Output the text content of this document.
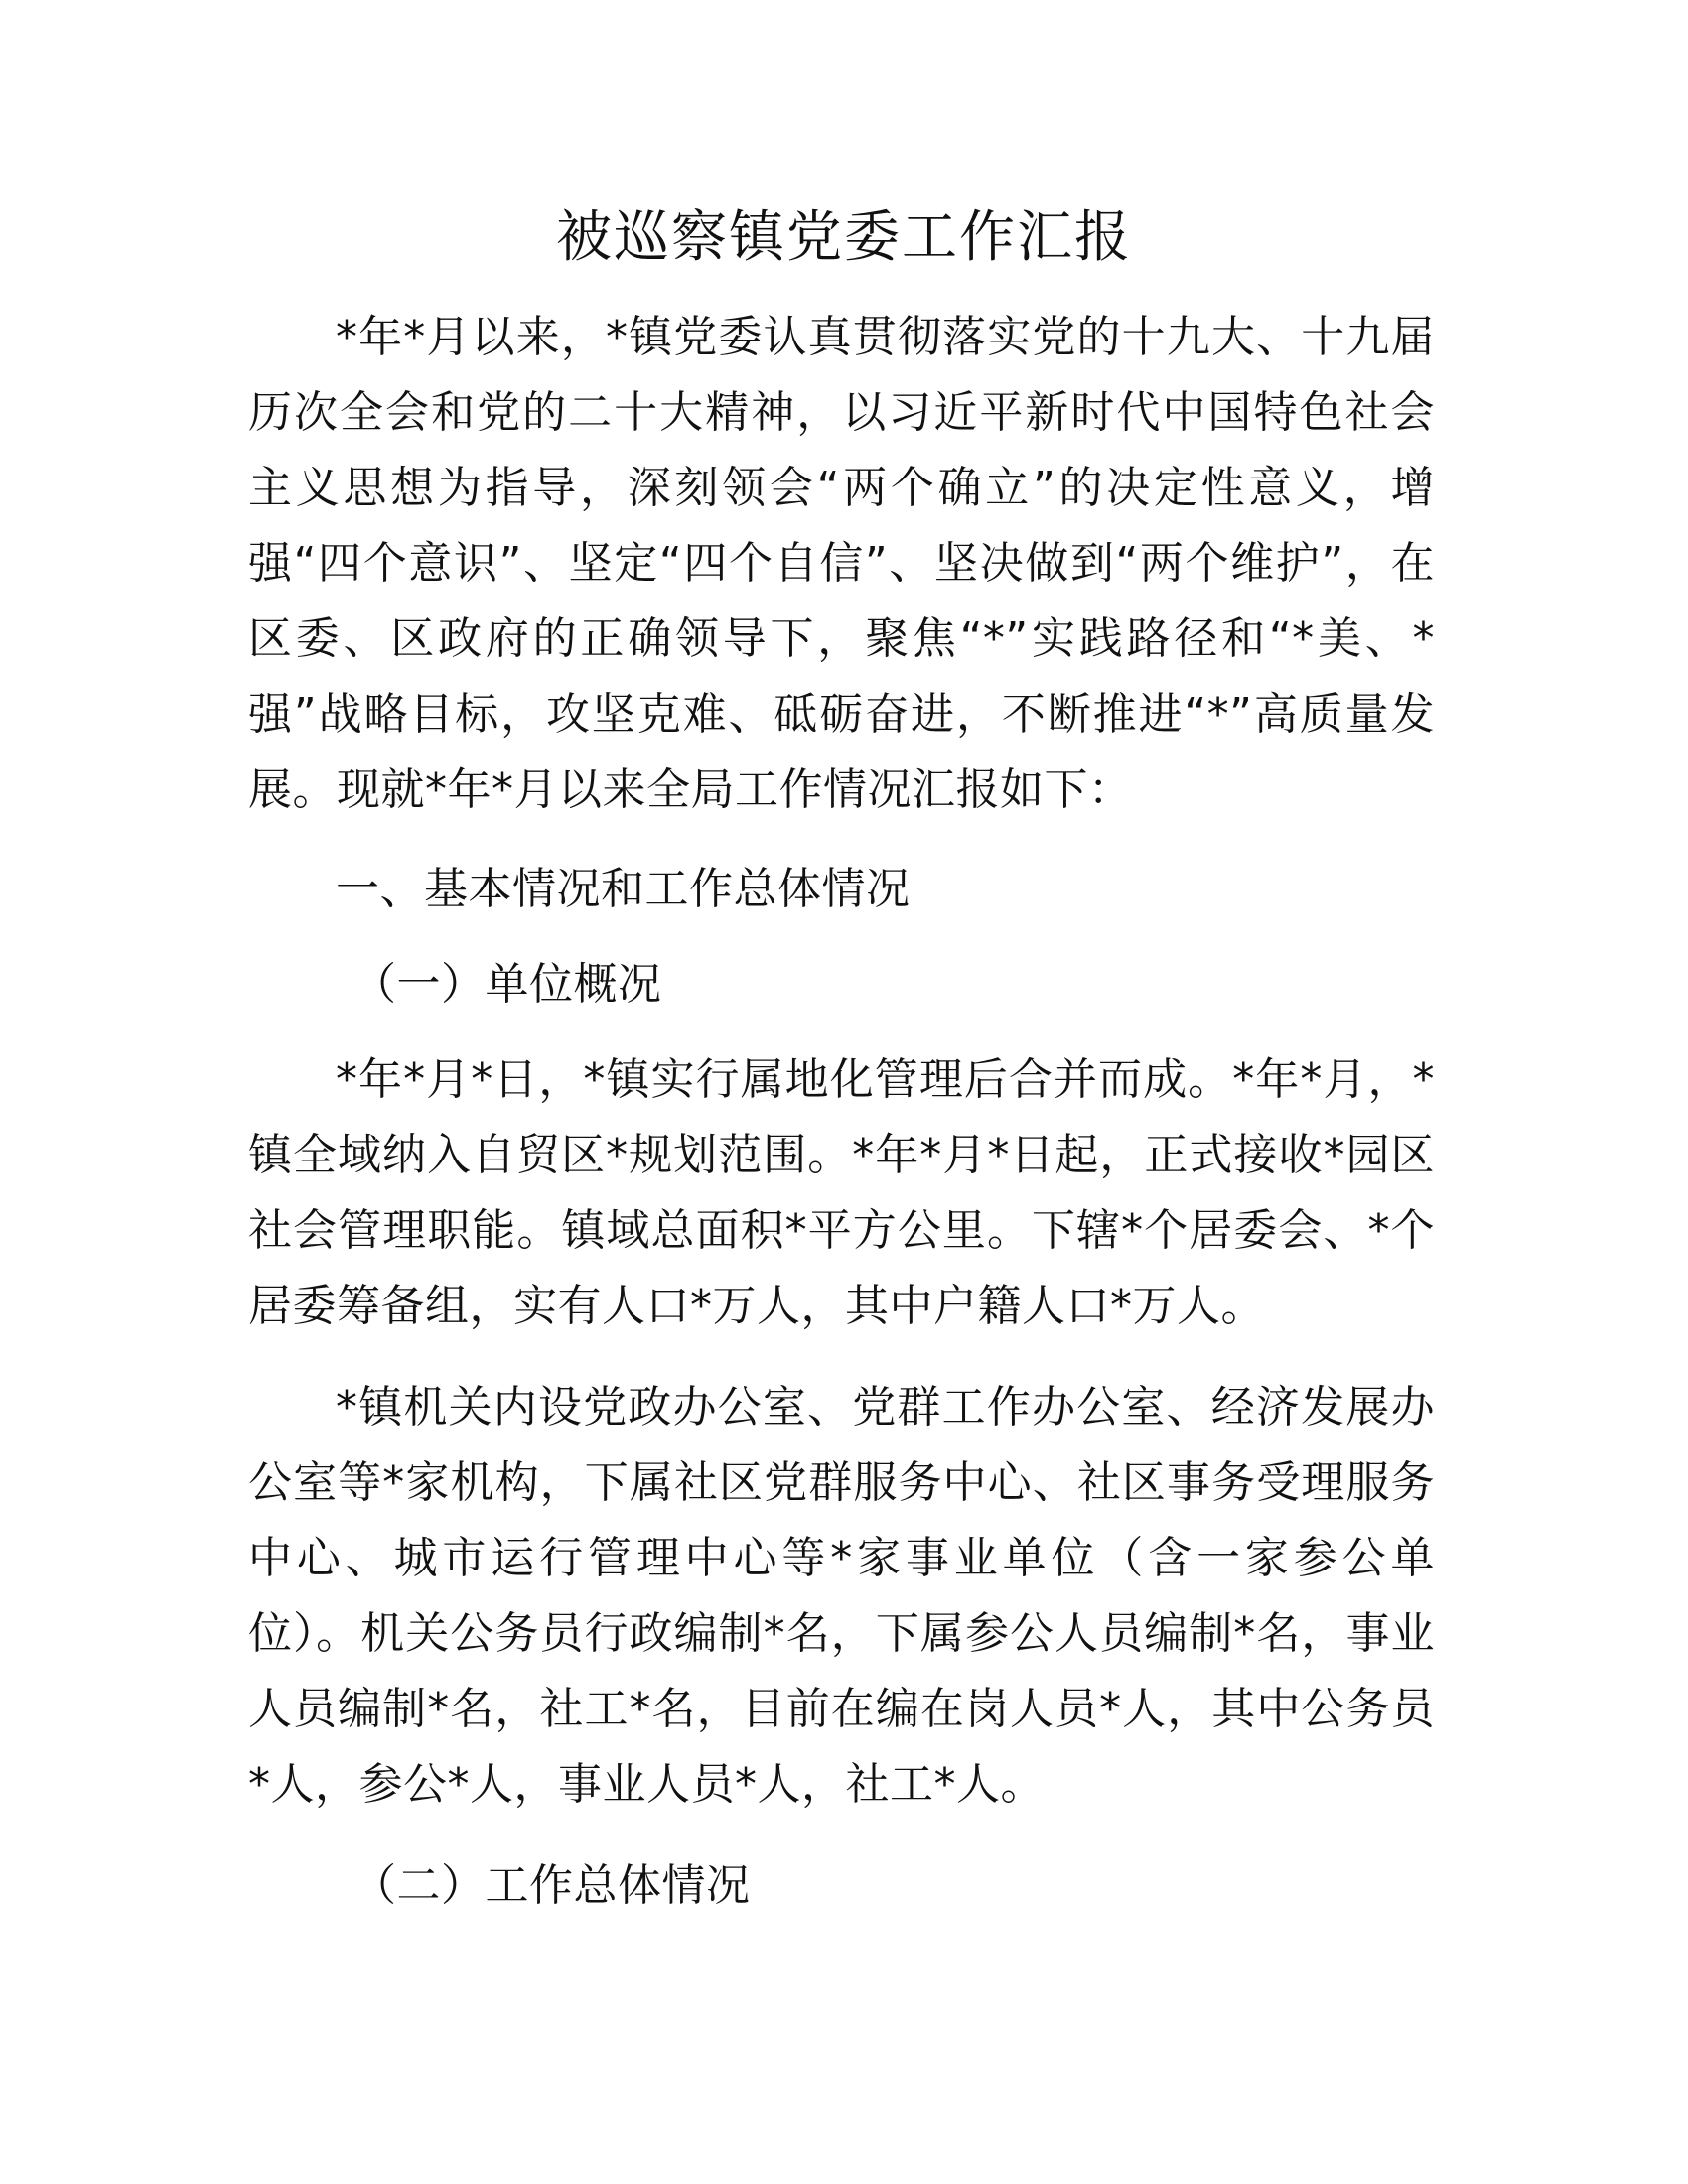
被巡察镇党委工作汇报

*年*月以来，*镇党委认真贯彻落实党的十九大、十九届历次全会和党的二十大精神，以习近平新时代中国特色社会主义思想为指导，深刻领会“两个确立”的决定性意义，增强“四个意识”、坚定“四个自信”、坚决做到“两个维护”，在区委、区政府的正确领导下，聚焦“*”实践路径和“*美、*强”战略目标，攻坚克难、砥砺奋进，不断推进“*”高质量发展。现就*年*月以来全局工作情况汇报如下：

一、基本情况和工作总体情况

（一）单位概况

*年*月*日，*镇实行属地化管理后合并而成。*年*月，*镇全域纳入自贸区*规划范围。*年*月*日起，正式接收*园区社会管理职能。镇域总面积*平方公里。下辖*个居委会、*个居委筹备组，实有人口*万人，其中户籍人口*万人。

*镇机关内设党政办公室、党群工作办公室、经济发展办公室等*家机构，下属社区党群服务中心、社区事务受理服务中心、城市运行管理中心等*家事业单位（含一家参公单位）。机关公务员行政编制*名，下属参公人员编制*名，事业人员编制*名，社工*名，目前在编在岗人员*人，其中公务员*人，参公*人，事业人员*人，社工*人。

（二）工作总体情况
